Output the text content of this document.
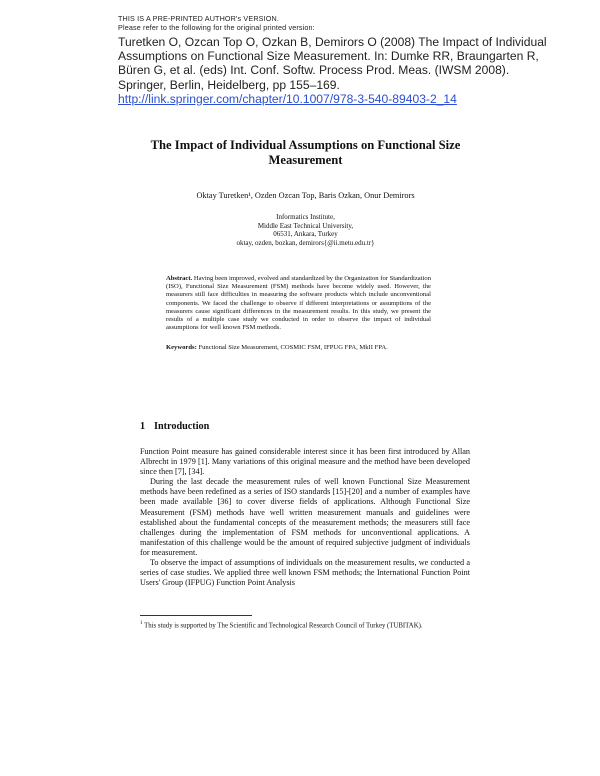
THIS IS A PRE-PRINTED AUTHOR's VERSION.
Please refer to the following for the original printed version:
Turetken O, Ozcan Top O, Ozkan B, Demirors O (2008) The Impact of Individual Assumptions on Functional Size Measurement. In: Dumke RR, Braungarten R, Büren G, et al. (eds) Int. Conf. Softw. Process Prod. Meas. (IWSM 2008). Springer, Berlin, Heidelberg, pp 155–169. http://link.springer.com/chapter/10.1007/978-3-540-89403-2_14
The Impact of Individual Assumptions on Functional Size Measurement
Oktay Turetken¹, Ozden Ozcan Top, Baris Ozkan, Onur Demirors
Informatics Institute,
Middle East Technical University,
06531, Ankara, Turkey
oktay, ozden, bozkan, demirors{@ii.metu.edu.tr}
Abstract. Having been improved, evolved and standardized by the Organization for Standardization (ISO), Functional Size Measurement (FSM) methods have become widely used. However, the measurers still face difficulties in measuring the software products which include unconventional components. We faced the challenge to observe if different interpretations or assumptions of the measurers cause significant differences in the measurement results. In this study, we present the results of a multiple case study we conducted in order to observe the impact of individual assumptions for well known FSM methods.
Keywords: Functional Size Measurement, COSMIC FSM, IFPUG FPA, MkII FPA.
1 Introduction

Function Point measure has gained considerable interest since it has been first introduced by Allan Albrecht in 1979 [1]. Many variations of this original measure and the method have been developed since then [7], [34].

During the last decade the measurement rules of well known Functional Size Measurement methods have been redefined as a series of ISO standards [15]-[20] and a number of examples have been made available [36] to cover diverse fields of applications. Although Functional Size Measurement (FSM) methods have well written measurement manuals and guidelines were established about the fundamental concepts of the measurement methods; the measurers still face challenges during the implementation of FSM methods for unconventional applications. A manifestation of this challenge would be the amount of required subjective judgment of individuals for measurement.

To observe the impact of assumptions of individuals on the measurement results, we conducted a series of case studies. We applied three well known FSM methods; the International Function Point Users' Group (IFPUG) Function Point Analysis

$^1$ This study is supported by The Scientific and Technological Research Council of Turkey (TUBITAK).
